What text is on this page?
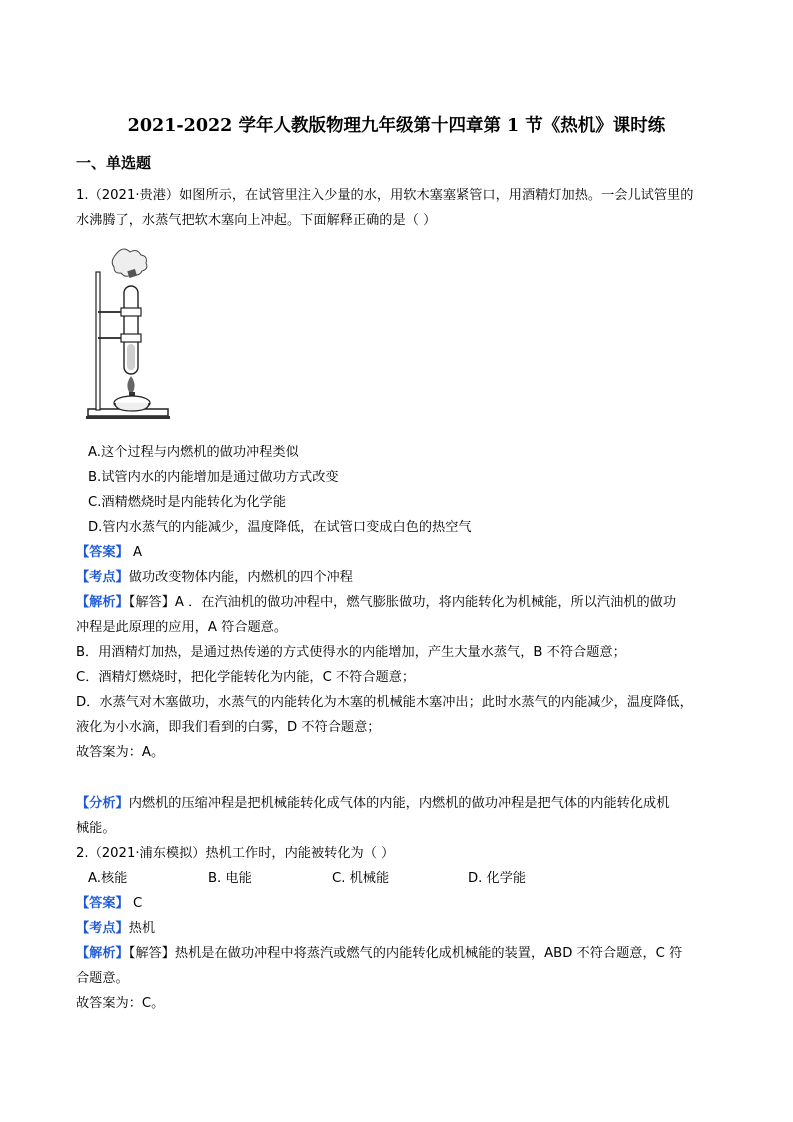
2021-2022 学年人教版物理九年级第十四章第 1 节《热机》课时练
一、单选题
1.（2021·贵港）如图所示，在试管里注入少量的水，用软木塞塞紧管口，用酒精灯加热。一会儿试管里的
水沸腾了，水蒸气把软木塞向上冲起。下面解释正确的是（ ）
A.这个过程与内燃机的做功冲程类似
B.试管内水的内能增加是通过做功方式改变
C.酒精燃烧时是内能转化为化学能
D.管内水蒸气的内能减少，温度降低，在试管口变成白色的热空气
【答案】 A
【考点】做功改变物体内能，内燃机的四个冲程
【解析】【解答】A ．在汽油机的做功冲程中，燃气膨胀做功，将内能转化为机械能，所以汽油机的做功
冲程是此原理的应用，A 符合题意。
B．用酒精灯加热，是通过热传递的方式使得水的内能增加，产生大量水蒸气，B 不符合题意；
C．酒精灯燃烧时，把化学能转化为内能，C 不符合题意；
D．水蒸气对木塞做功，水蒸气的内能转化为木塞的机械能木塞冲出；此时水蒸气的内能减少，温度降低，
液化为小水滴，即我们看到的白雾，D 不符合题意；
故答案为：A。
【分析】内燃机的压缩冲程是把机械能转化成气体的内能，内燃机的做功冲程是把气体的内能转化成机
械能。
2.（2021·浦东模拟）热机工作时，内能被转化为（ ）
A.核能	B. 电能	C. 机械能	D. 化学能
【答案】 C
【考点】热机
【解析】【解答】热机是在做功冲程中将蒸汽或燃气的内能转化成机械能的装置，ABD 不符合题意，C 符
合题意。
故答案为：C。
